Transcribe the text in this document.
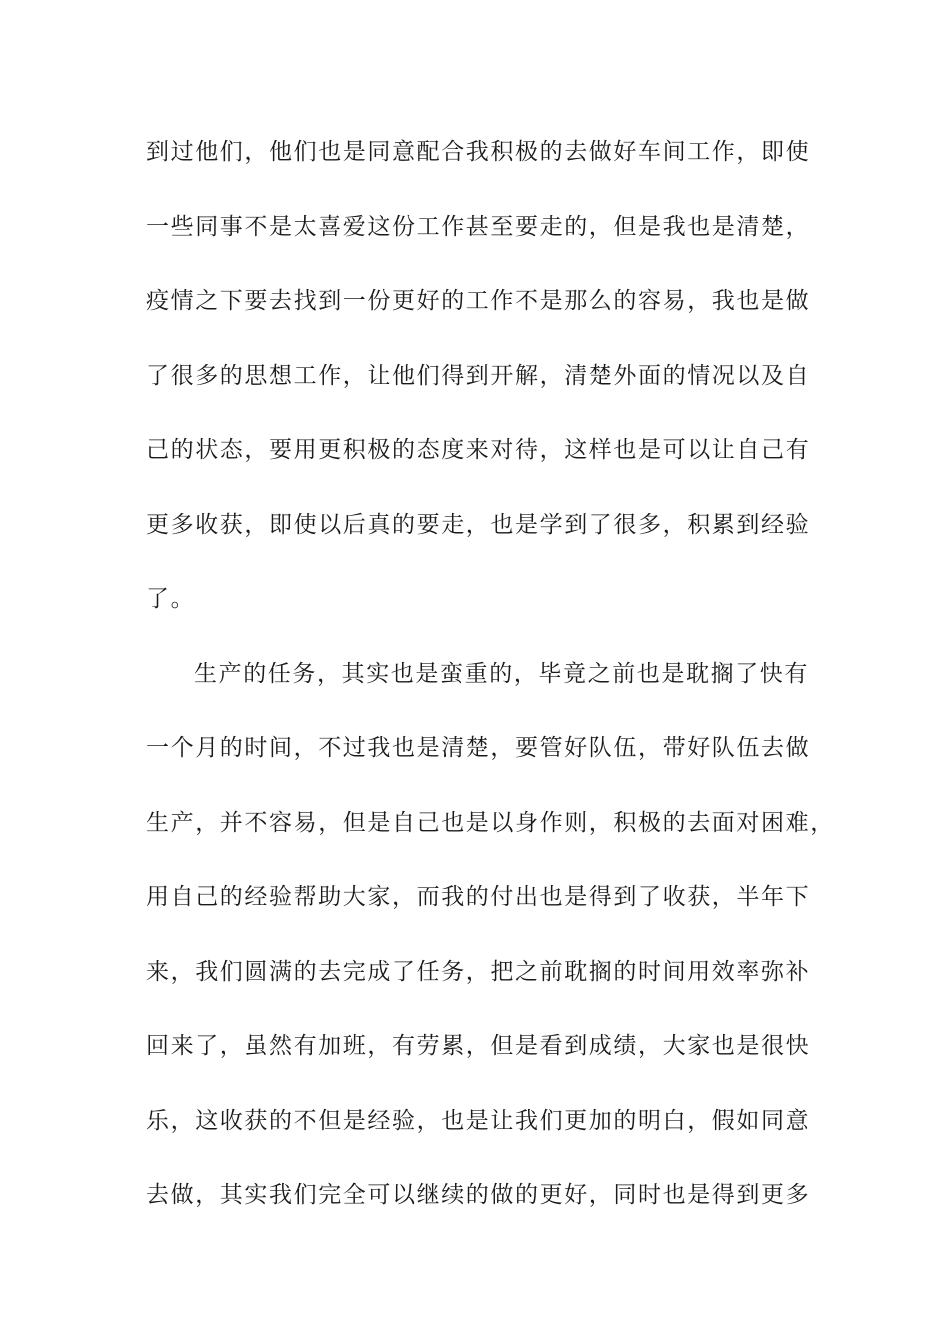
到过他们，他们也是同意配合我积极的去做好车间工作，即使
一些同事不是太喜爱这份工作甚至要走的，但是我也是清楚，
疫情之下要去找到一份更好的工作不是那么的容易，我也是做
了很多的思想工作，让他们得到开解，清楚外面的情况以及自
己的状态，要用更积极的态度来对待，这样也是可以让自己有
更多收获，即使以后真的要走，也是学到了很多，积累到经验
了。
生产的任务，其实也是蛮重的，毕竟之前也是耽搁了快有
一个月的时间，不过我也是清楚，要管好队伍，带好队伍去做
生产，并不容易，但是自己也是以身作则，积极的去面对困难，
用自己的经验帮助大家，而我的付出也是得到了收获，半年下
来，我们圆满的去完成了任务，把之前耽搁的时间用效率弥补
回来了，虽然有加班，有劳累，但是看到成绩，大家也是很快
乐，这收获的不但是经验，也是让我们更加的明白，假如同意
去做，其实我们完全可以继续的做的更好，同时也是得到更多
